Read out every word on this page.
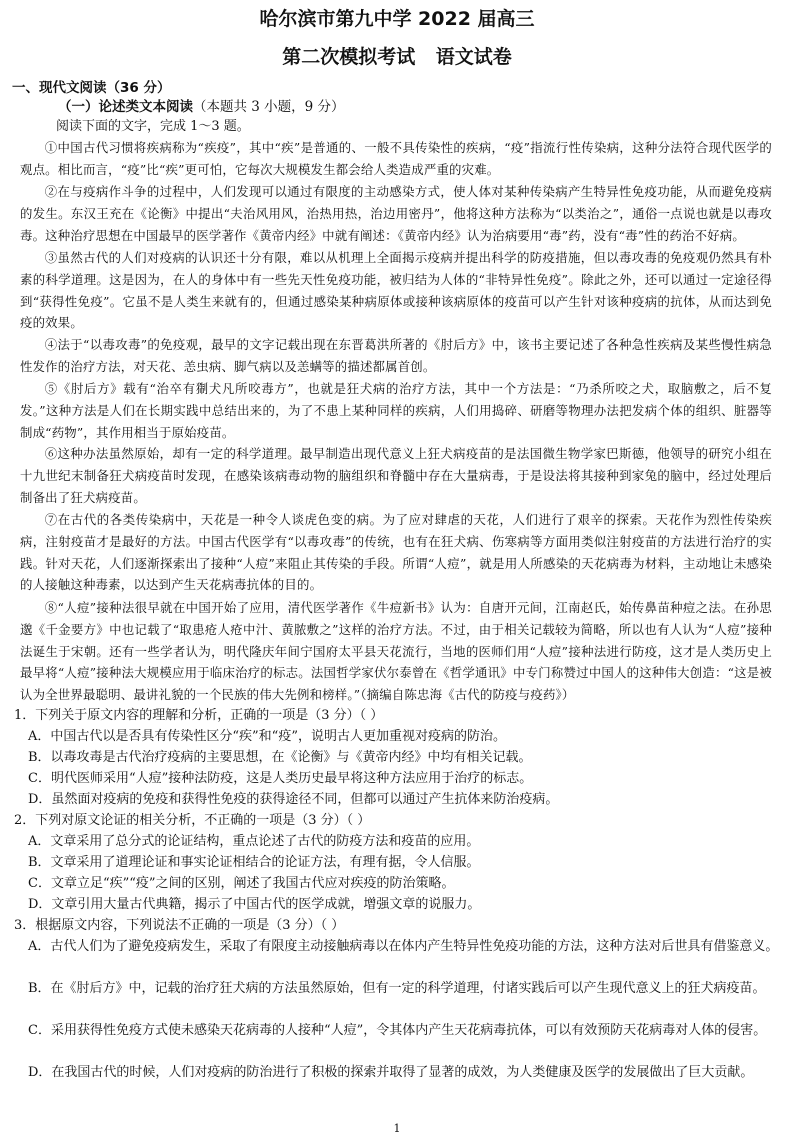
哈尔滨市第九中学 2022 届高三
第二次模拟考试 语文试卷
一、现代文阅读（36 分）
（一）论述类文本阅读（本题共 3 小题，9 分）
阅读下面的文字，完成 1～3 题。
①中国古代习惯将疾病称为“疾疫”，其中“疾”是普通的、一般不具传染性的疾病，“疫”指流行性传染病，这种分法符合现代医学的观点。相比而言，“疫”比“疾”更可怕，它每次大规模发生都会给人类造成严重的灾难。
②在与疫病作斗争的过程中，人们发现可以通过有限度的主动感染方式，使人体对某种传染病产生特异性免疫功能，从而避免疫病的发生。东汉王充在《论衡》中提出“夫治风用风，治热用热，治边用密丹”，他将这种方法称为“以类治之”，通俗一点说也就是以毒攻毒。这种治疗思想在中国最早的医学著作《黄帝内经》中就有阐述：《黄帝内经》认为治病要用“毒”药，没有“毒”性的药治不好病。
③虽然古代的人们对疫病的认识还十分有限，难以从机理上全面揭示疫病并提出科学的防疫措施，但以毒攻毒的免疫观仍然具有朴素的科学道理。这是因为，在人的身体中有一些先天性免疫功能，被归结为人体的“非特异性免疫”。除此之外，还可以通过一定途径得到“获得性免疫”。它虽不是人类生来就有的，但通过感染某种病原体或接种该病原体的疫苗可以产生针对该种疫病的抗体，从而达到免疫的效果。
④法于“以毒攻毒”的免疫观，最早的文字记载出现在东晋葛洪所著的《肘后方》中，该书主要记述了各种急性疾病及某些慢性病急性发作的治疗方法，对天花、恙虫病、脚气病以及恙螨等的描述都属首创。
⑤《肘后方》载有“治卒有猘犬凡所咬毒方”，也就是狂犬病的治疗方法，其中一个方法是：“乃杀所咬之犬，取脑敷之，后不复发。”这种方法是人们在长期实践中总结出来的，为了不患上某种同样的疾病，人们用捣碎、研磨等物理办法把发病个体的组织、脏器等制成“药物”，其作用相当于原始疫苗。
⑥这种办法虽然原始，却有一定的科学道理。最早制造出现代意义上狂犬病疫苗的是法国微生物学家巴斯德，他领导的研究小组在十九世纪末制备狂犬病疫苗时发现，在感染该病毒动物的脑组织和脊髓中存在大量病毒，于是设法将其接种到家兔的脑中，经过处理后制备出了狂犬病疫苗。
⑦在古代的各类传染病中，天花是一种令人谈虎色变的病。为了应对肆虐的天花，人们进行了艰辛的探索。天花作为烈性传染疾病，注射疫苗才是最好的方法。中国古代医学有“以毒攻毒”的传统，也有在狂犬病、伤寒病等方面用类似注射疫苗的方法进行治疗的实践。针对天花，人们逐渐探索出了接种“人痘”来阻止其传染的手段。所谓“人痘”，就是用人所感染的天花病毒为材料，主动地让未感染的人接触这种毒素，以达到产生天花病毒抗体的目的。
⑧“人痘”接种法很早就在中国开始了应用，清代医学著作《牛痘新书》认为：自唐开元间，江南赵氏，始传鼻苗种痘之法。在孙思邈《千金要方》中也记载了“取患疮人疮中汁、黄脓敷之”这样的治疗方法。不过，由于相关记载较为简略，所以也有人认为“人痘”接种法诞生于宋朝。还有一些学者认为，明代隆庆年间宁国府太平县天花流行，当地的医师们用“人痘”接种法进行防疫，这才是人类历史上最早将“人痘”接种法大规模应用于临床治疗的标志。法国哲学家伏尔泰曾在《哲学通讯》中专门称赞过中国人的这种伟大创造：“这是被认为全世界最聪明、最讲礼貌的一个民族的伟大先例和榜样。”（摘编自陈忠海《古代的防疫与疫药》）
1．下列关于原文内容的理解和分析，正确的一项是（3 分）（ ）
A．中国古代以是否具有传染性区分“疾”和“疫”，说明古人更加重视对疫病的防治。
B．以毒攻毒是古代治疗疫病的主要思想，在《论衡》与《黄帝内经》中均有相关记载。
C．明代医师采用“人痘”接种法防疫，这是人类历史最早将这种方法应用于治疗的标志。
D．虽然面对疫病的免疫和获得性免疫的获得途径不同，但都可以通过产生抗体来防治疫病。
2．下列对原文论证的相关分析，不正确的一项是（3 分）（ ）
A．文章采用了总分式的论证结构，重点论述了古代的防疫方法和疫苗的应用。
B．文章采用了道理论证和事实论证相结合的论证方法，有理有据，令人信服。
C．文章立足“疾”“疫”之间的区别，阐述了我国古代应对疾疫的防治策略。
D．文章引用大量古代典籍，揭示了中国古代的医学成就，增强文章的说服力。
3．根据原文内容，下列说法不正确的一项是（3 分）（ ）
A．古代人们为了避免疫病发生，采取了有限度主动接触病毒以在体内产生特异性免疫功能的方法，这种方法对后世具有借鉴意义。
B．在《肘后方》中，记载的治疗狂犬病的方法虽然原始，但有一定的科学道理，付诸实践后可以产生现代意义上的狂犬病疫苗。
C．采用获得性免疫方式使未感染天花病毒的人接种“人痘”，令其体内产生天花病毒抗体，可以有效预防天花病毒对人体的侵害。
D．在我国古代的时候，人们对疫病的防治进行了积极的探索并取得了显著的成效，为人类健康及医学的发展做出了巨大贡献。
1
